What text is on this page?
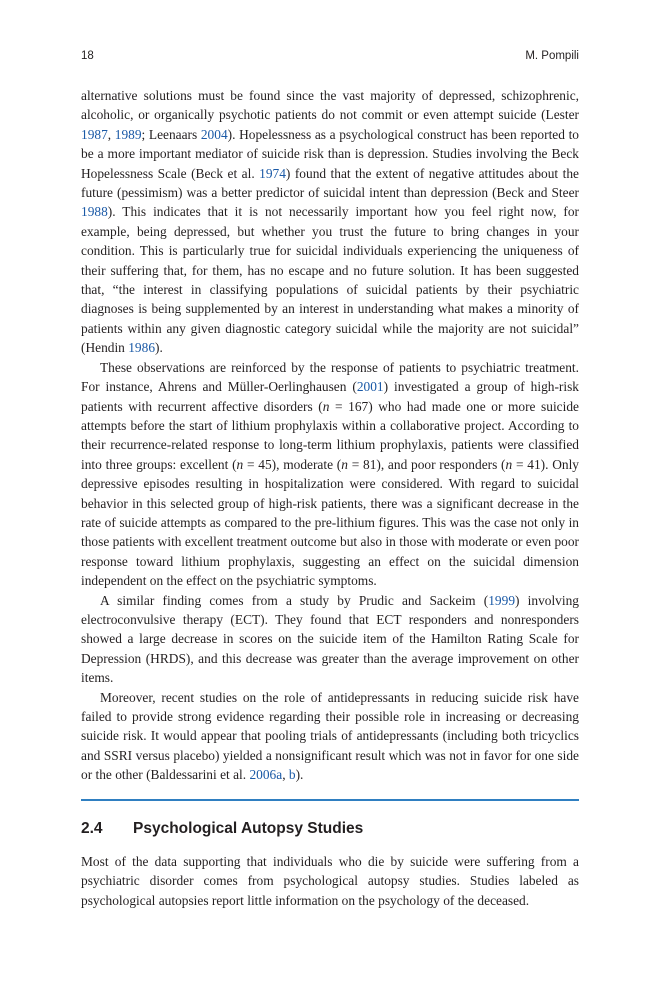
18	M. Pompili

alternative solutions must be found since the vast majority of depressed, schizophrenic, alcoholic, or organically psychotic patients do not commit or even attempt suicide (Lester 1987, 1989; Leenaars 2004). Hopelessness as a psychological construct has been reported to be a more important mediator of suicide risk than is depression. Studies involving the Beck Hopelessness Scale (Beck et al. 1974) found that the extent of negative attitudes about the future (pessimism) was a better predictor of suicidal intent than depression (Beck and Steer 1988). This indicates that it is not necessarily important how you feel right now, for example, being depressed, but whether you trust the future to bring changes in your condition. This is particularly true for suicidal individuals experiencing the uniqueness of their suffering that, for them, has no escape and no future solution. It has been suggested that, “the interest in classifying populations of suicidal patients by their psychiatric diagnoses is being supplemented by an interest in understanding what makes a minority of patients within any given diagnostic category suicidal while the majority are not suicidal” (Hendin 1986).

These observations are reinforced by the response of patients to psychiatric treatment. For instance, Ahrens and Müller-Oerlinghausen (2001) investigated a group of high-risk patients with recurrent affective disorders (n = 167) who had made one or more suicide attempts before the start of lithium prophylaxis within a collaborative project. According to their recurrence-related response to long-term lithium prophylaxis, patients were classified into three groups: excellent (n = 45), moderate (n = 81), and poor responders (n = 41). Only depressive episodes resulting in hospitalization were considered. With regard to suicidal behavior in this selected group of high-risk patients, there was a significant decrease in the rate of suicide attempts as compared to the pre-lithium figures. This was the case not only in those patients with excellent treatment outcome but also in those with moderate or even poor response toward lithium prophylaxis, suggesting an effect on the suicidal dimension independent on the effect on the psychiatric symptoms.

A similar finding comes from a study by Prudic and Sackeim (1999) involving electroconvulsive therapy (ECT). They found that ECT responders and nonresponders showed a large decrease in scores on the suicide item of the Hamilton Rating Scale for Depression (HRDS), and this decrease was greater than the average improvement on other items.

Moreover, recent studies on the role of antidepressants in reducing suicide risk have failed to provide strong evidence regarding their possible role in increasing or decreasing suicide risk. It would appear that pooling trials of antidepressants (including both tricyclics and SSRI versus placebo) yielded a nonsignificant result which was not in favor for one side or the other (Baldessarini et al. 2006a, b).

2.4 Psychological Autopsy Studies

Most of the data supporting that individuals who die by suicide were suffering from a psychiatric disorder comes from psychological autopsy studies. Studies labeled as psychological autopsies report little information on the psychology of the deceased.
